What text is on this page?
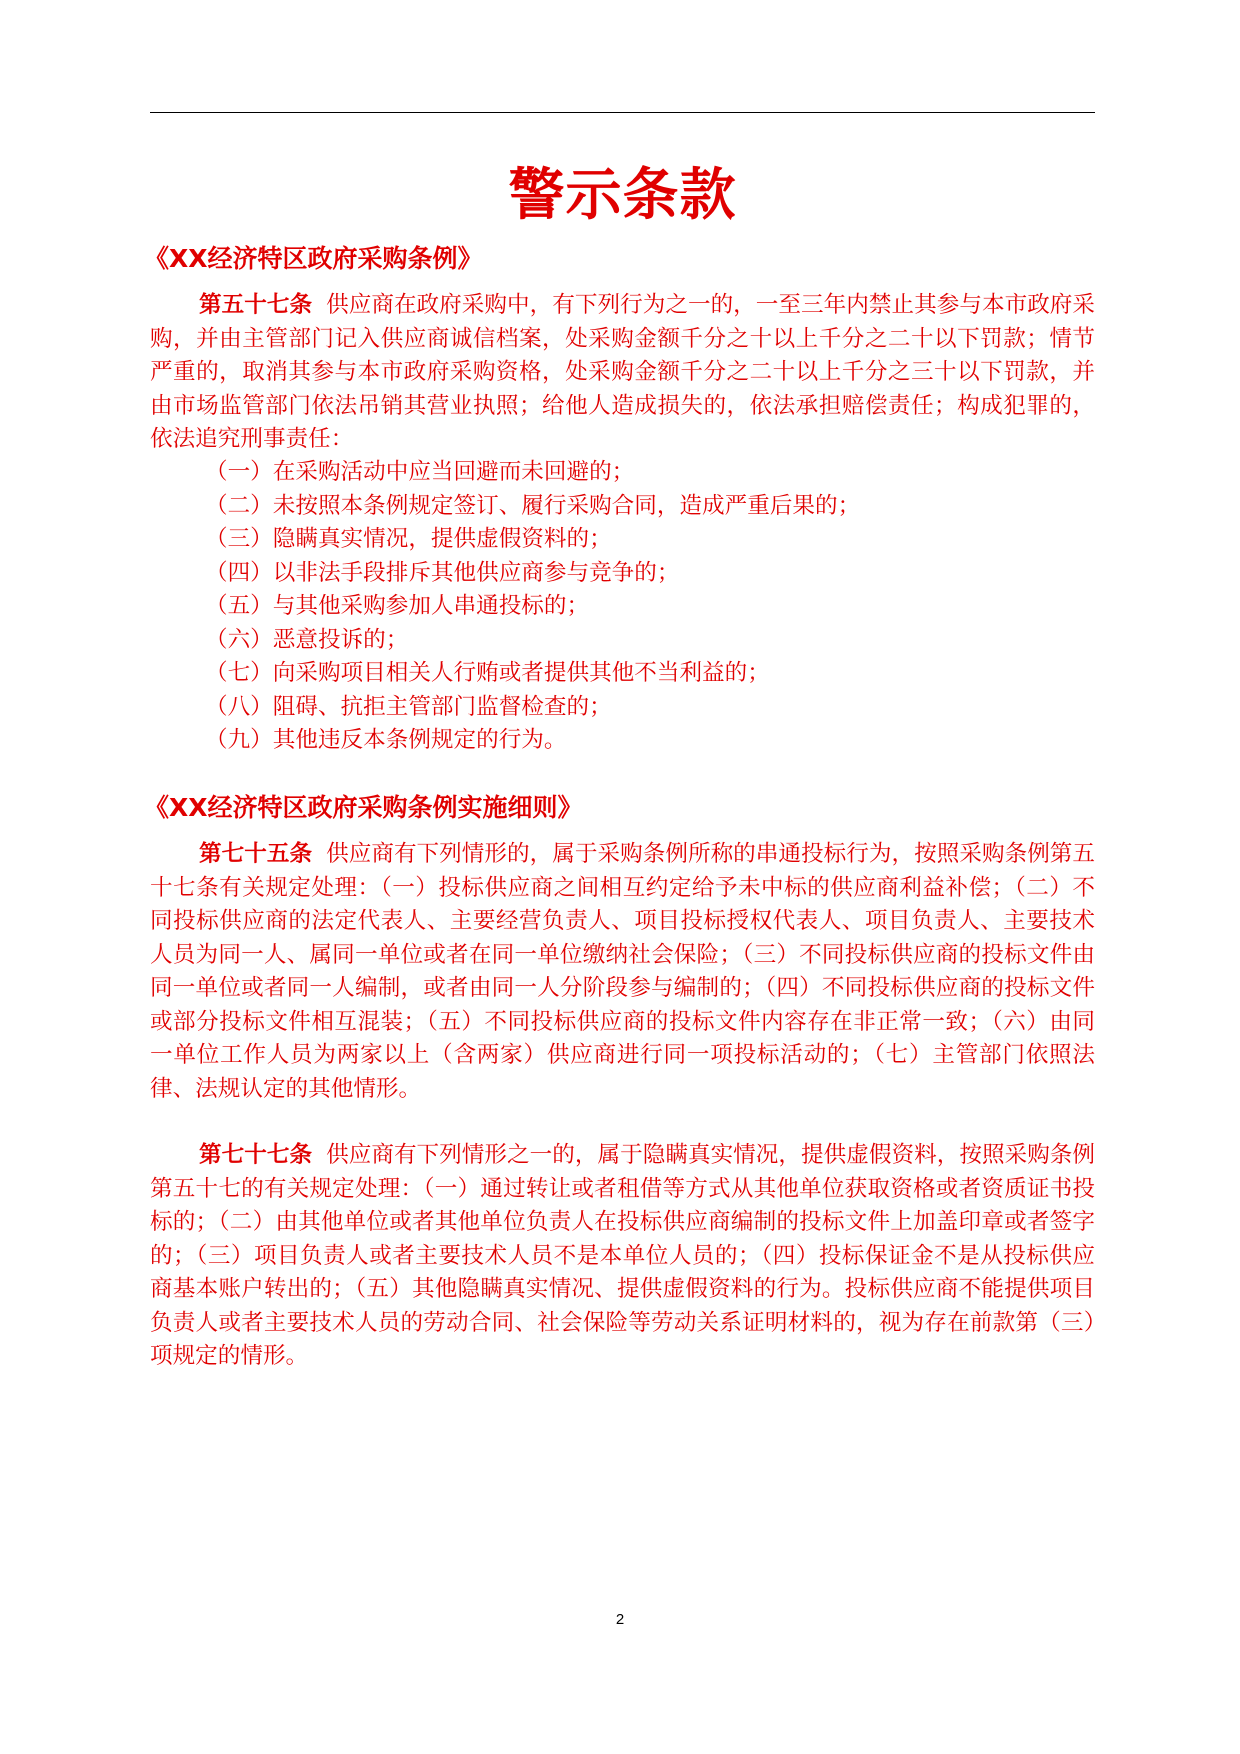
警示条款
《XX经济特区政府采购条例》

第五十七条 供应商在政府采购中，有下列行为之一的，一至三年内禁止其参与本市政府采购，并由主管部门记入供应商诚信档案，处采购金额千分之十以上千分之二十以下罚款；情节严重的，取消其参与本市政府采购资格，处采购金额千分之二十以上千分之三十以下罚款，并由市场监管部门依法吊销其营业执照；给他人造成损失的，依法承担赔偿责任；构成犯罪的，依法追究刑事责任：

（一）在采购活动中应当回避而未回避的；
（二）未按照本条例规定签订、履行采购合同，造成严重后果的；
（三）隐瞒真实情况，提供虚假资料的；
（四）以非法手段排斥其他供应商参与竞争的；
（五）与其他采购参加人串通投标的；
（六）恶意投诉的；
（七）向采购项目相关人行贿或者提供其他不当利益的；
（八）阻碍、抗拒主管部门监督检查的；
（九）其他违反本条例规定的行为。
《XX经济特区政府采购条例实施细则》

第七十五条 供应商有下列情形的，属于采购条例所称的串通投标行为，按照采购条例第五十七条有关规定处理：（一）投标供应商之间相互约定给予未中标的供应商利益补偿；（二）不同投标供应商的法定代表人、主要经营负责人、项目投标授权代表人、项目负责人、主要技术人员为同一人、属同一单位或者在同一单位缴纳社会保险；（三）不同投标供应商的投标文件由同一单位或者同一人编制，或者由同一人分阶段参与编制的；（四）不同投标供应商的投标文件或部分投标文件相互混装；（五）不同投标供应商的投标文件内容存在非正常一致；（六）由同一单位工作人员为两家以上（含两家）供应商进行同一项投标活动的；（七）主管部门依照法律、法规认定的其他情形。

第七十七条 供应商有下列情形之一的，属于隐瞒真实情况，提供虚假资料，按照采购条例第五十七的有关规定处理：（一）通过转让或者租借等方式从其他单位获取资格或者资质证书投标的；（二）由其他单位或者其他单位负责人在投标供应商编制的投标文件上加盖印章或者签字的；（三）项目负责人或者主要技术人员不是本单位人员的；（四）投标保证金不是从投标供应商基本账户转出的；（五）其他隐瞒真实情况、提供虚假资料的行为。投标供应商不能提供项目负责人或者主要技术人员的劳动合同、社会保险等劳动关系证明材料的，视为存在前款第（三）项规定的情形。

2
